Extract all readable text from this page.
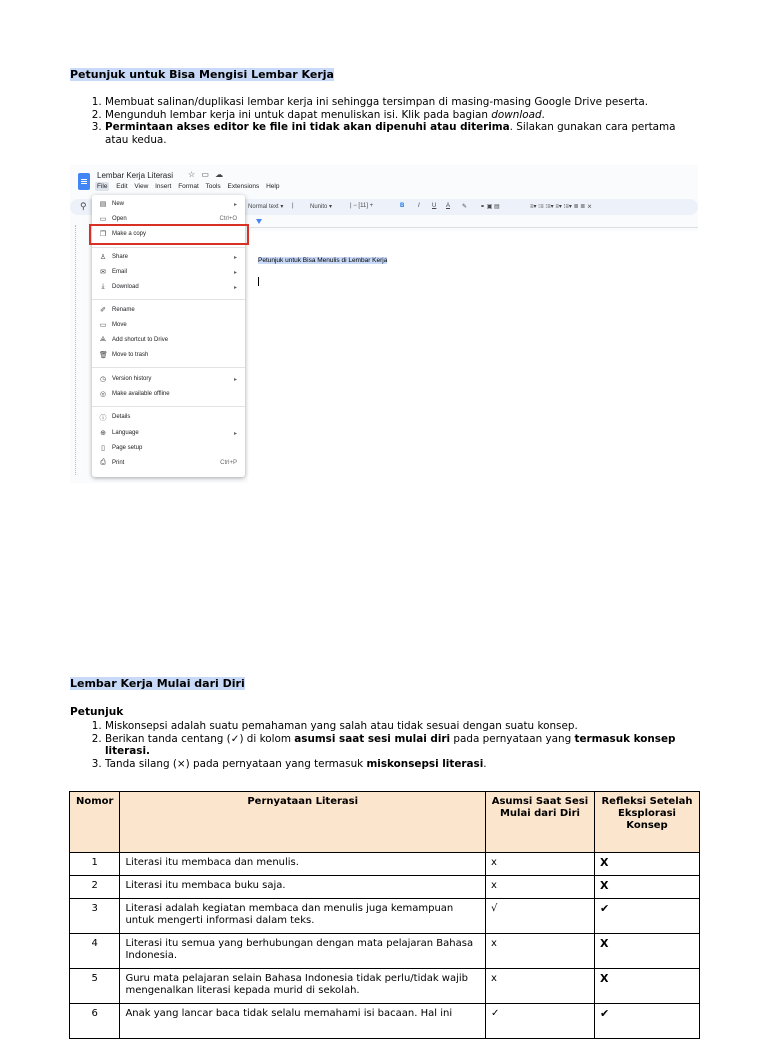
Petunjuk untuk Bisa Mengisi Lembar Kerja
1. Membuat salinan/duplikasi lembar kerja ini sehingga tersimpan di masing-masing Google Drive peserta.
2. Mengunduh lembar kerja ini untuk dapat menuliskan isi. Klik pada bagian download.
3. Permintaan akses editor ke file ini tidak akan dipenuhi atau diterima. Silakan gunakan cara pertama atau kedua.
Lembar Kerja Literasi ☆ ▭ ☁
File Edit View Insert Format Tools Extensions Help
Normal text ▾ |	Nunito ▾	| − [11] +	B I U A ✎ ⚭ ▣ ▤	≡▾ ⁝≡ ⁝≡▾ ≡▾ ⁝≡▾ ≣ ≣ ⨯
⚲
Petunjuk untuk Bisa Menulis di Lembar Kerja
▤ New	▸
▭ Open	Ctrl+O
❐ Make a copy
♙ Share	▸
✉ Email	▸
⤓	Download	▸
✐ Rename
▭ Move
⟁ Add shortcut to Drive
🗑 Move to trash
◷ Version history	▸
◎ Make available offline
ⓘ Details
⊕ Language	▸
▯	Page setup
⎙ Print	Ctrl+P
Lembar Kerja Mulai dari Diri
Petunjuk
1. Miskonsepsi adalah suatu pemahaman yang salah atau tidak sesuai dengan suatu konsep.
2. Berikan tanda centang (✓) di kolom asumsi saat sesi mulai diri pada pernyataan yang termasuk konsep literasi.
3. Tanda silang (×) pada pernyataan yang termasuk miskonsepsi literasi.
Nomor	Pernyataan Literasi	Asumsi Saat Sesi Mulai dari Diri	Refleksi Setelah Eksplorasi Konsep
1	Literasi itu membaca dan menulis.	x	X
2	Literasi itu membaca buku saja.	x	X
3	Literasi adalah kegiatan membaca dan menulis juga kemampuan untuk mengerti informasi dalam teks.	√	✔
4	Literasi itu semua yang berhubungan dengan mata pelajaran Bahasa Indonesia.	x	X
5	Guru mata pelajaran selain Bahasa Indonesia tidak perlu/tidak wajib mengenalkan literasi kepada murid di sekolah.	x	X
6	Anak yang lancar baca tidak selalu memahami isi bacaan. Hal ini	✓	✔
